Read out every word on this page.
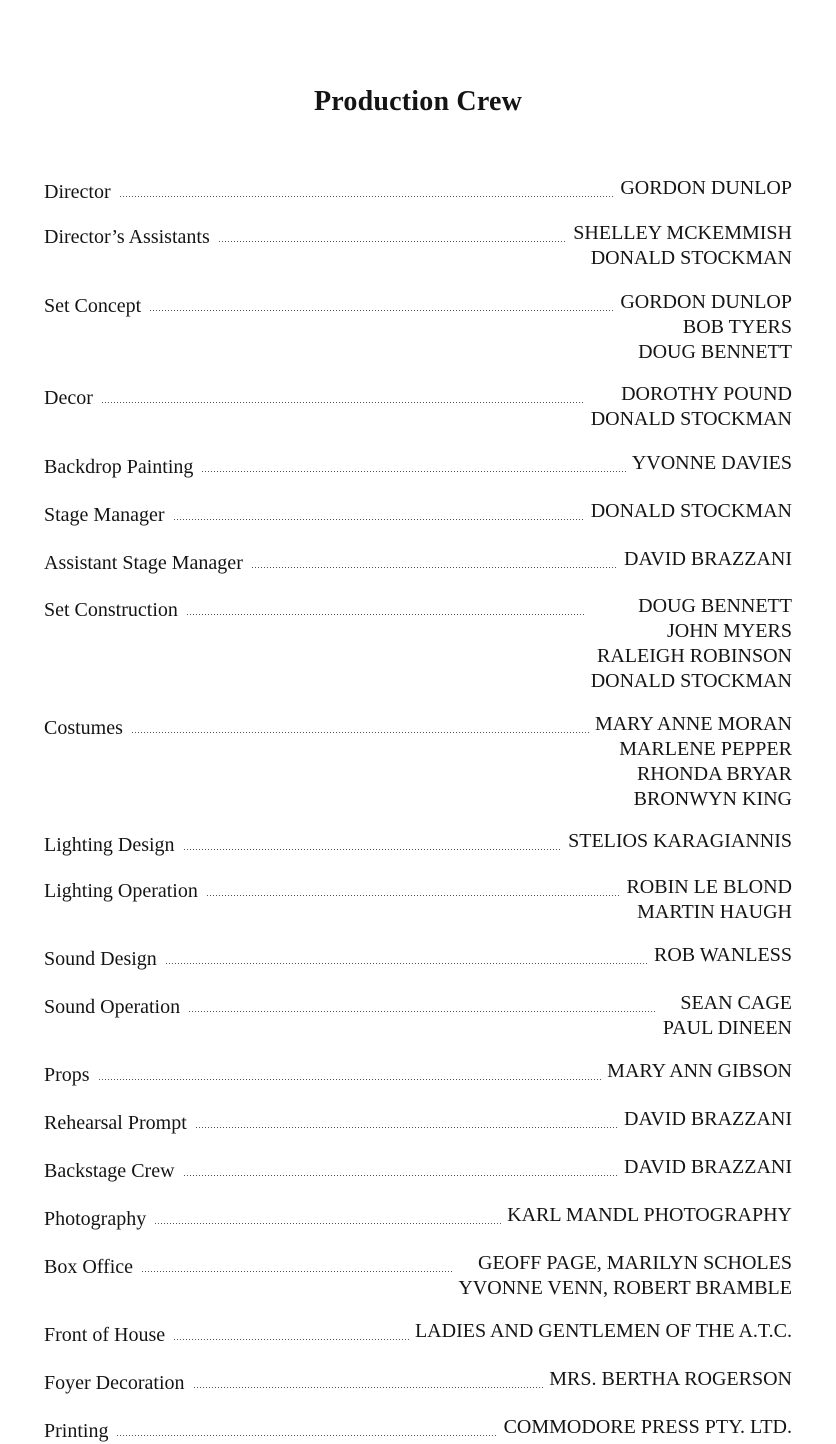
Production Crew
Director	GORDON DUNLOP
Director’s Assistants	SHELLEY MCKEMMISH
DONALD STOCKMAN
Set Concept	GORDON DUNLOP
BOB TYERS
DOUG BENNETT
Decor	DOROTHY POUND
DONALD STOCKMAN
Backdrop Painting	YVONNE DAVIES
Stage Manager	DONALD STOCKMAN
Assistant Stage Manager	DAVID BRAZZANI
Set Construction	DOUG BENNETT
JOHN MYERS
RALEIGH ROBINSON
DONALD STOCKMAN
Costumes	MARY ANNE MORAN
MARLENE PEPPER
RHONDA BRYAR
BRONWYN KING
Lighting Design	STELIOS KARAGIANNIS
Lighting Operation	ROBIN LE BLOND
MARTIN HAUGH
Sound Design	ROB WANLESS
Sound Operation	SEAN CAGE
PAUL DINEEN
Props	MARY ANN GIBSON
Rehearsal Prompt	DAVID BRAZZANI
Backstage Crew	DAVID BRAZZANI
Photography	KARL MANDL PHOTOGRAPHY
Box Office	GEOFF PAGE, MARILYN SCHOLES
YVONNE VENN, ROBERT BRAMBLE
Front of House	LADIES AND GENTLEMEN OF THE A.T.C.
Foyer Decoration	MRS. BERTHA ROGERSON
Printing	COMMODORE PRESS PTY. LTD.
